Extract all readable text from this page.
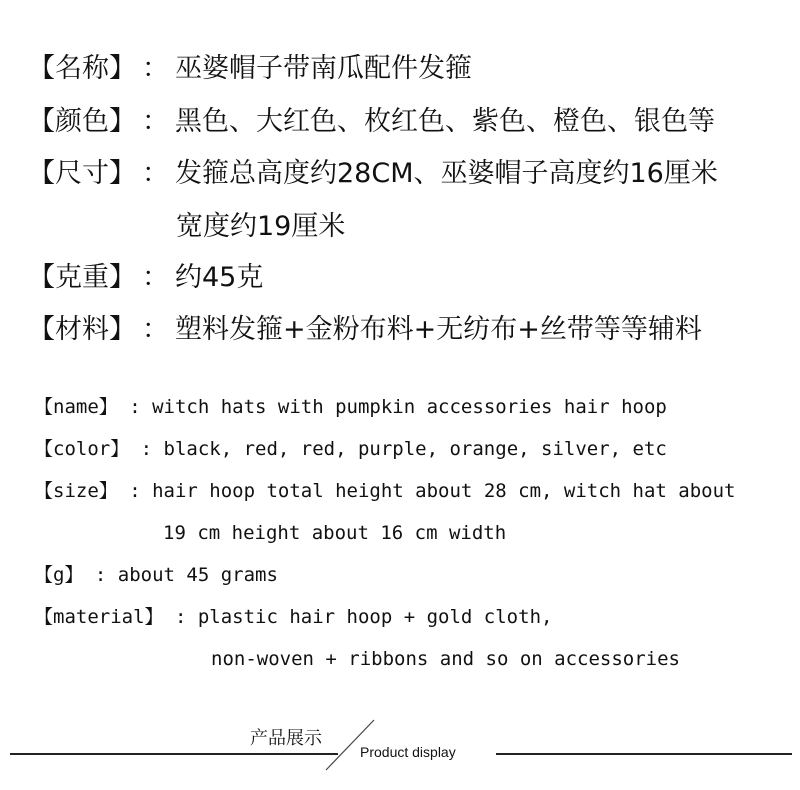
【名称】 ： 巫婆帽子带南瓜配件发箍
【颜色】 ： 黑色、大红色、枚红色、紫色、橙色、银色等
【尺寸】 ： 发箍总高度约28CM、巫婆帽子高度约16厘米
宽度约19厘米
【克重】 ： 约45克
【材料】 ： 塑料发箍+金粉布料+无纺布+丝带等等辅料
【name】 : witch hats with pumpkin accessories hair hoop
【color】 : black, red, red, purple, orange, silver, etc
【size】 : hair hoop total height about 28 cm, witch hat about
19 cm height about 16 cm width
【g】 : about 45 grams
【material】 : plastic hair hoop + gold cloth,
non-woven + ribbons and so on accessories
产品展示
Product display
